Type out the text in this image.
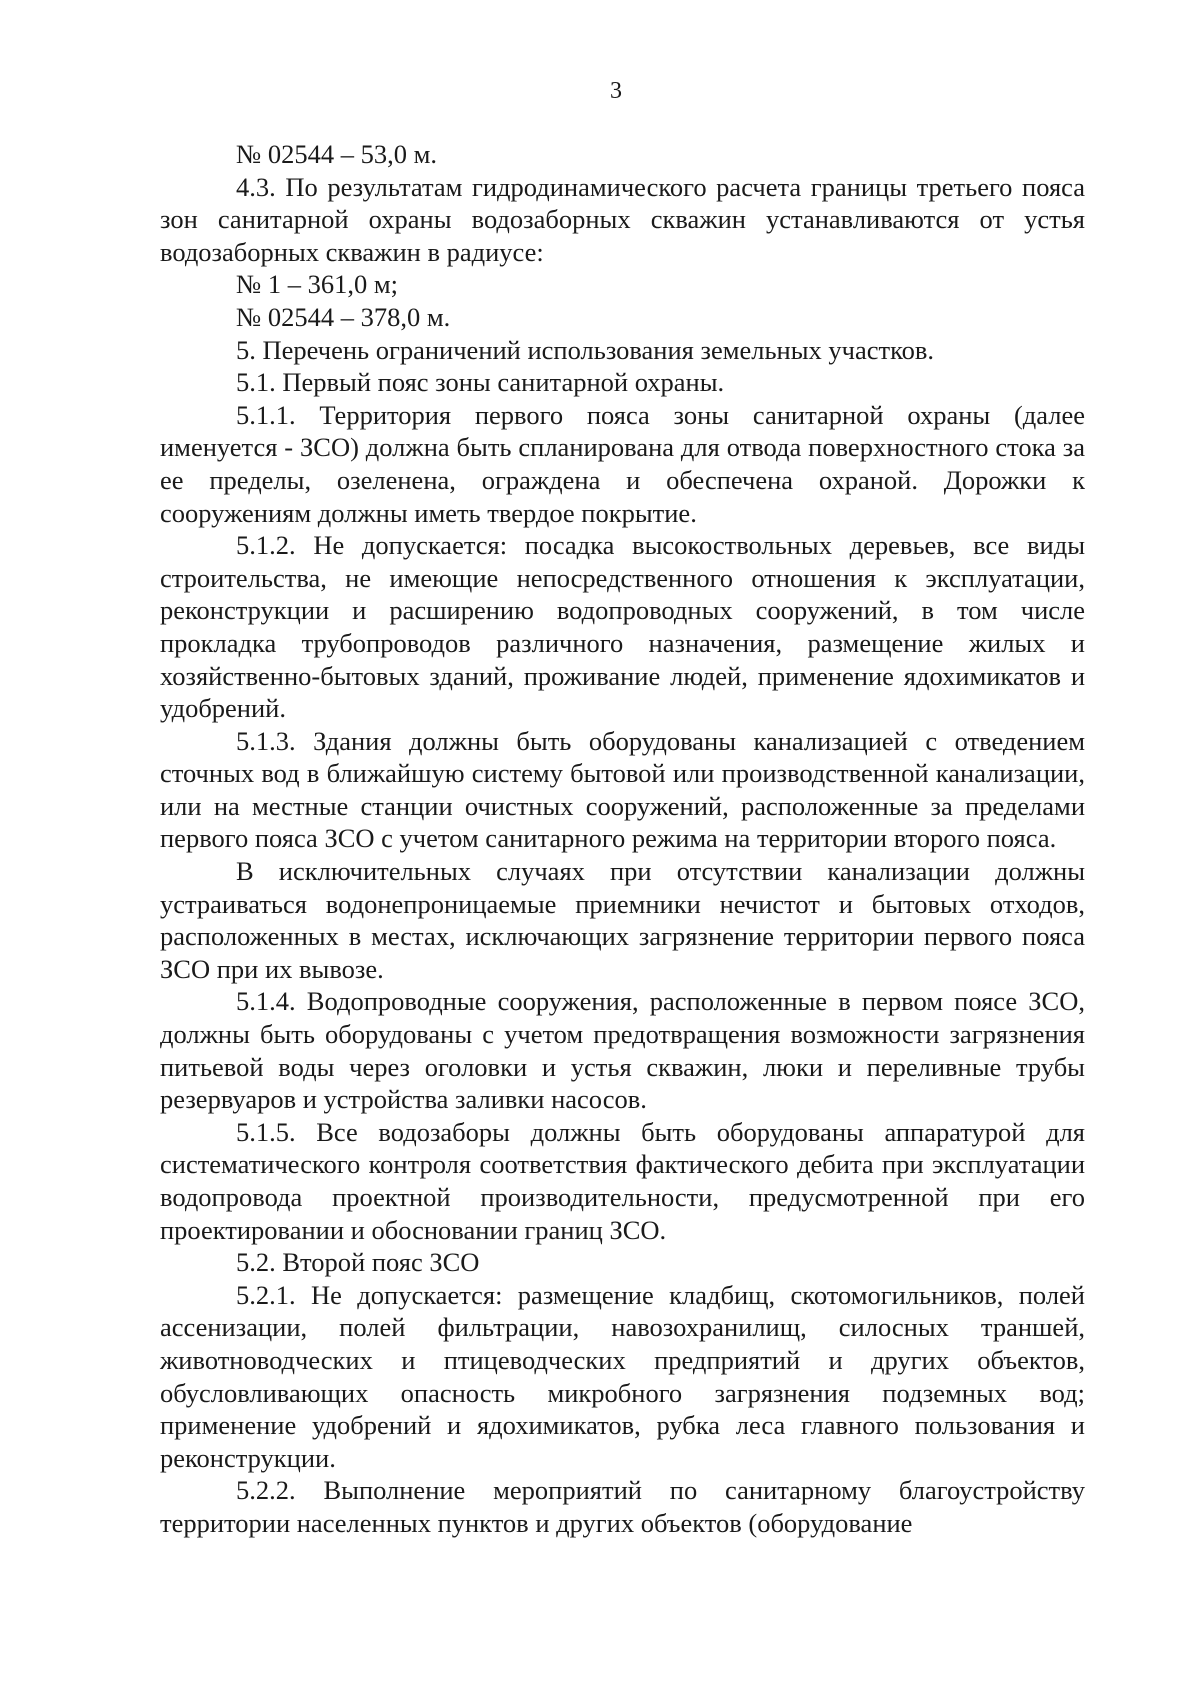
3

№ 02544 – 53,0 м.

4.3. По результатам гидродинамического расчета границы третьего пояса зон санитарной охраны водозаборных скважин устанавливаются от устья водозаборных скважин в радиусе:

№ 1 – 361,0 м;

№ 02544 – 378,0 м.

5. Перечень ограничений использования земельных участков.

5.1. Первый пояс зоны санитарной охраны.

5.1.1. Территория первого пояса зоны санитарной охраны (далее именуется - ЗСО) должна быть спланирована для отвода поверхностного стока за ее пределы, озеленена, ограждена и обеспечена охраной. Дорожки к сооружениям должны иметь твердое покрытие.

5.1.2. Не допускается: посадка высокоствольных деревьев, все виды строительства, не имеющие непосредственного отношения к эксплуатации, реконструкции и расширению водопроводных сооружений, в том числе прокладка трубопроводов различного назначения, размещение жилых и хозяйственно-бытовых зданий, проживание людей, применение ядохимикатов и удобрений.

5.1.3. Здания должны быть оборудованы канализацией с отведением сточных вод в ближайшую систему бытовой или производственной канализации, или на местные станции очистных сооружений, расположенные за пределами первого пояса ЗСО с учетом санитарного режима на территории второго пояса.

В исключительных случаях при отсутствии канализации должны устраиваться водонепроницаемые приемники нечистот и бытовых отходов, расположенных в местах, исключающих загрязнение территории первого пояса ЗСО при их вывозе.

5.1.4. Водопроводные сооружения, расположенные в первом поясе ЗСО, должны быть оборудованы с учетом предотвращения возможности загрязнения питьевой воды через оголовки и устья скважин, люки и переливные трубы резервуаров и устройства заливки насосов.

5.1.5. Все водозаборы должны быть оборудованы аппаратурой для систематического контроля соответствия фактического дебита при эксплуатации водопровода проектной производительности, предусмотренной при его проектировании и обосновании границ ЗСО.

5.2. Второй пояс ЗСО

5.2.1. Не допускается: размещение кладбищ, скотомогильников, полей ассенизации, полей фильтрации, навозохранилищ, силосных траншей, животноводческих и птицеводческих предприятий и других объектов, обусловливающих опасность микробного загрязнения подземных вод; применение удобрений и ядохимикатов, рубка леса главного пользования и реконструкции.

5.2.2. Выполнение мероприятий по санитарному благоустройству территории населенных пунктов и других объектов (оборудование
